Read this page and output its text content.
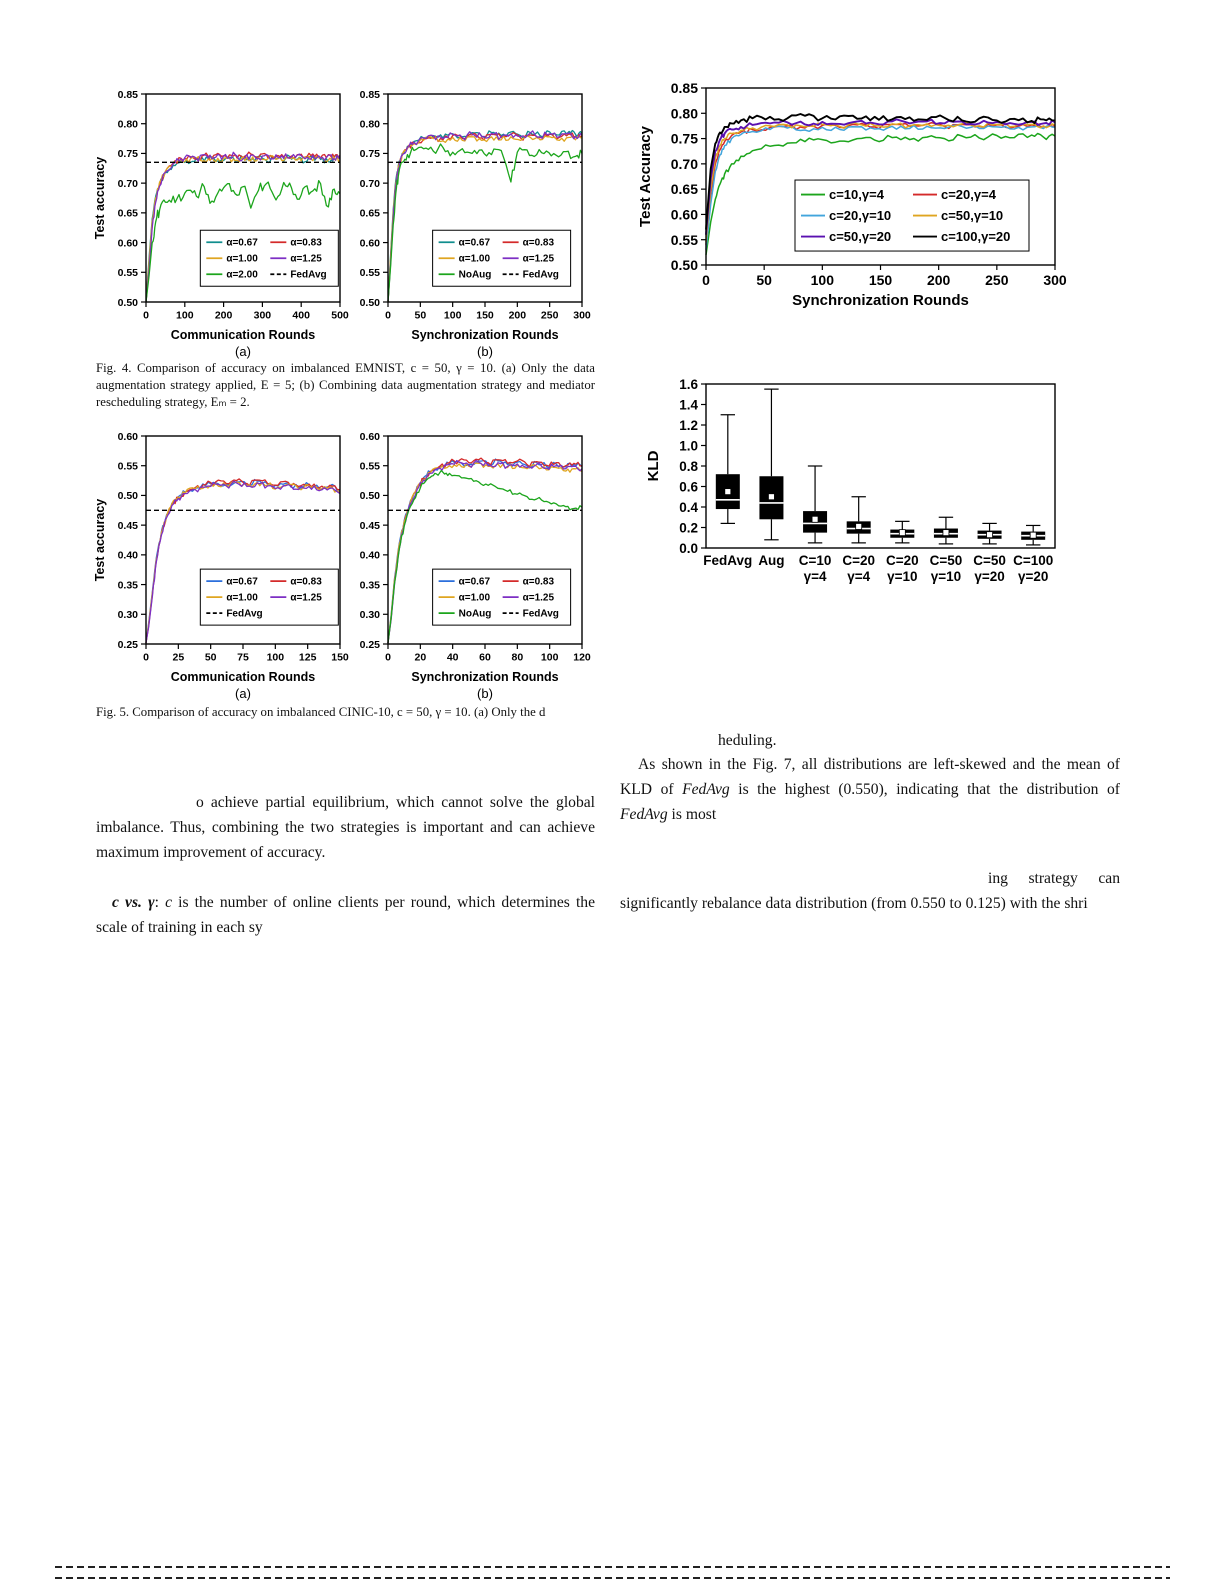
0.50
0.55
0.60
0.65
0.70
0.75
0.80
0.85
0	100 200 300 400 500
Communication Rounds
Test accuracy
(a)
α=0.67	α=0.83
α=1.00	α=1.25
α=2.00	FedAvg
0.50
0.55
0.60
0.65
0.70
0.75
0.80
0.85
0 50 100 150 200 250 300
Synchronization Rounds
(b)
α=0.67	α=0.83
α=1.00	α=1.25
NoAug	FedAvg
Fig. 4. Comparison of accuracy on imbalanced EMNIST, c = 50, γ = 10. (a) Only the data augmentation strategy applied, E = 5; (b) Combining data augmentation strategy and mediator rescheduling strategy, Eₘ = 2.
0.25
0.30
0.35
0.40
0.45
0.50
0.55
0.60
0 25 50 75 100 125 150
Communication Rounds
Test accuracy
(a)
α=0.67	α=0.83
α=1.00	α=1.25
FedAvg
0.25
0.30
0.35
0.40
0.45
0.50
0.55
0.60
0 20 40 60 80 100 120
Synchronization Rounds
(b)
α=0.67	α=0.83
α=1.00	α=1.25
NoAug	FedAvg
Fig. 5. Comparison of accuracy on imbalanced CINIC-10, c = 50, γ = 10. (a) Only the d
0.50
0.55
0.60
0.65
0.70
0.75
0.80
0.85
0	50	100 150 200 250 300
Synchronization Rounds
Test Accuracy	c=10,γ=4	c=20,γ=4
c=20,γ=10	c=50,γ=10
c=50,γ=20	c=100,γ=20
0.0
0.2
0.4
0.6
0.8
1.0
1.2
1.4
1.6
FedAvg Aug C=10
γ=4
C=20
γ=4
C=20
γ=10
C=50
γ=10
C=50
γ=20
C=100
γ=20
KLD
heduling.
As shown in the Fig. 7, all distributions are left-skewed and the mean of KLD of FedAvg is the highest (0.550), indicating that the distribution of FedAvg is most
ing strategy can significantly rebalance data distribution (from 0.550 to 0.125) with the shri
o achieve partial equilibrium, which cannot solve the global imbalance. Thus, combining the two strategies is important and can achieve maximum improvement of accuracy.
c vs. γ: c is the number of online clients per round, which determines the scale of training in each sy
